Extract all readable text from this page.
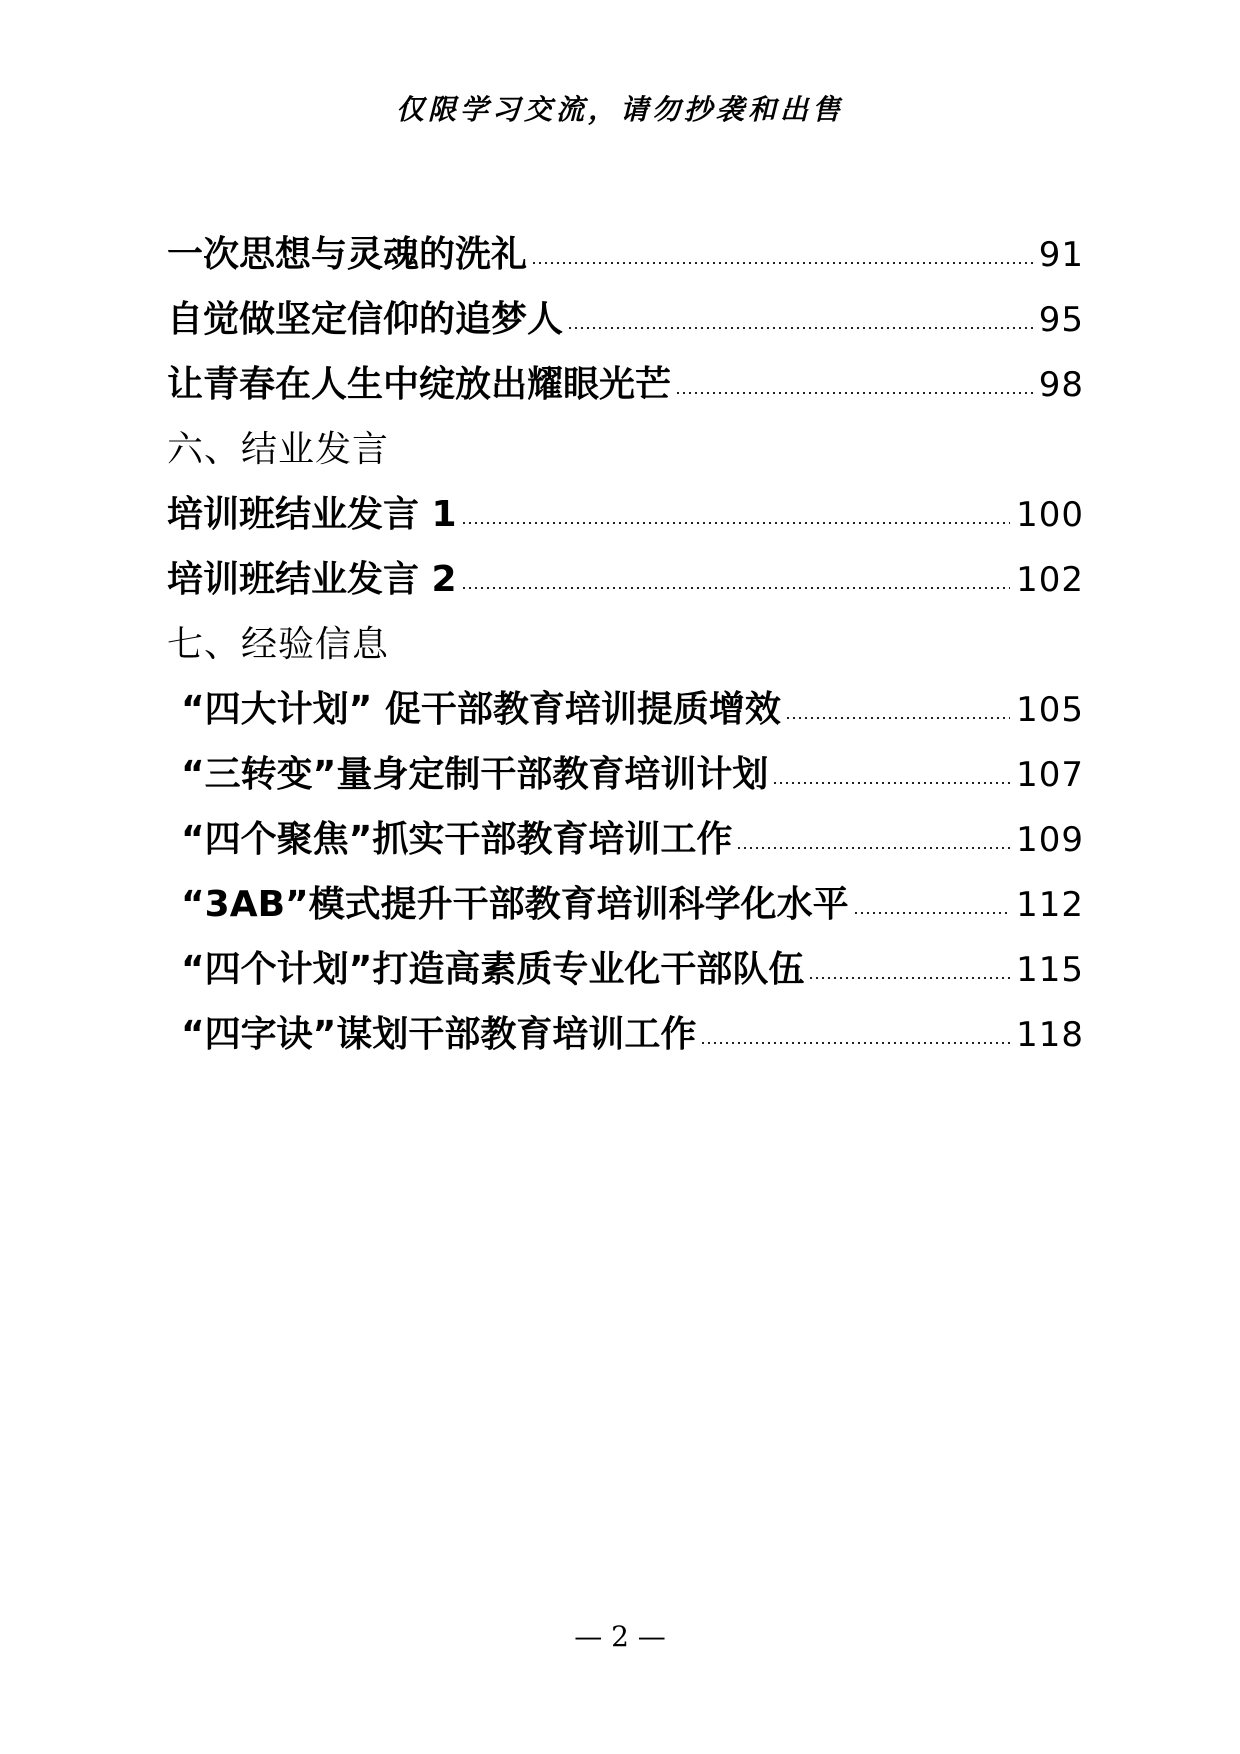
仅限学习交流，请勿抄袭和出售
一次思想与灵魂的洗礼	91
自觉做坚定信仰的追梦人	95
让青春在人生中绽放出耀眼光芒	98
六、结业发言
培训班结业发言 1	100
培训班结业发言 2	102
七、经验信息
“四大计划” 促干部教育培训提质增效	105
“三转变”量身定制干部教育培训计划	107
“四个聚焦”抓实干部教育培训工作	109
“3AB”模式提升干部教育培训科学化水平	112
“四个计划”打造高素质专业化干部队伍	115
“四字诀”谋划干部教育培训工作	118
— 2 —
